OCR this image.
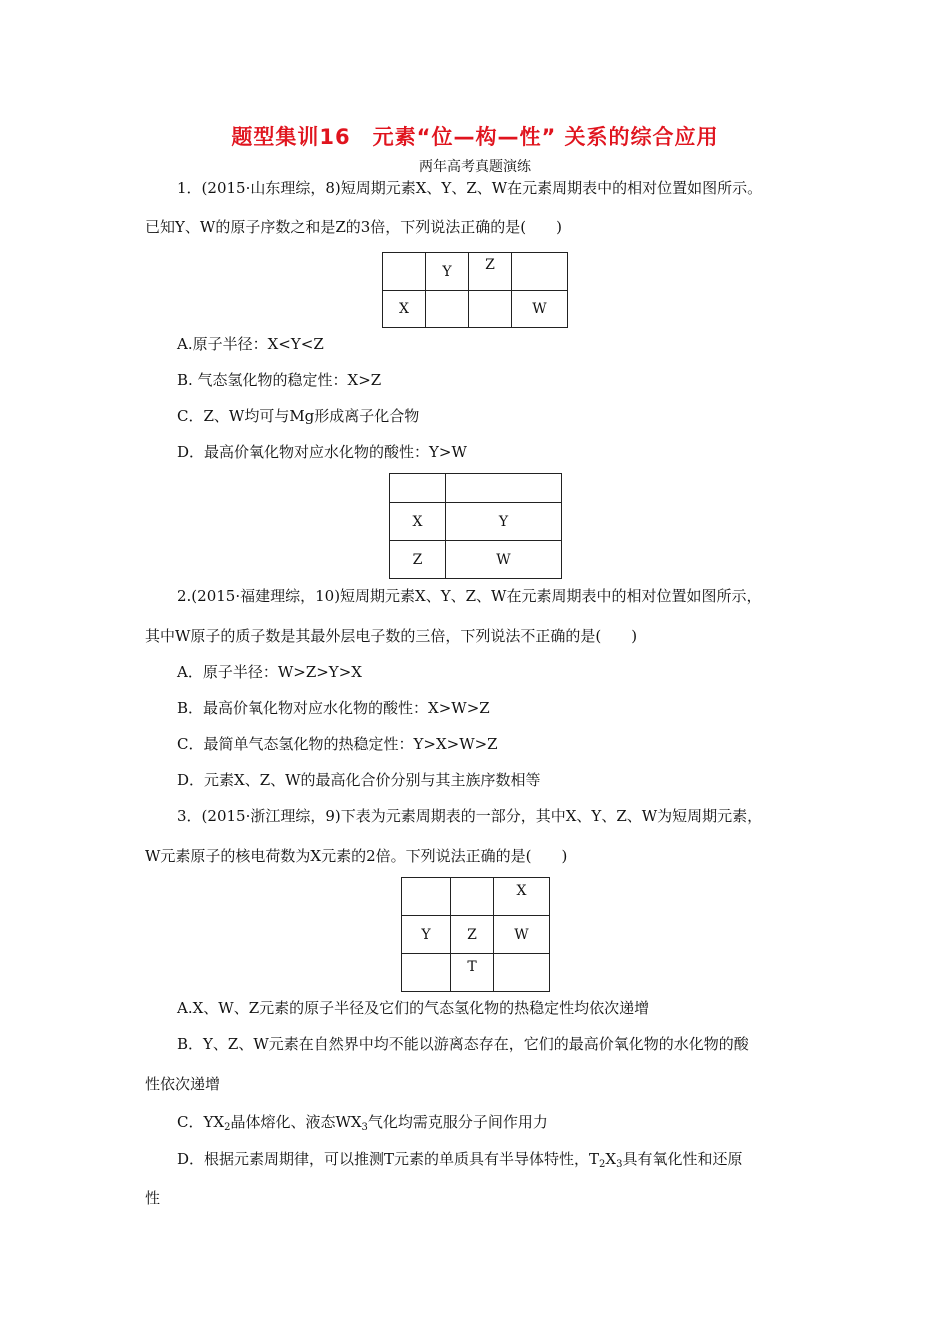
题型集训16　元素“位—构—性” 关系的综合应用
两年高考真题演练
1．(2015·山东理综，8)短周期元素X、Y、Z、W在元素周期表中的相对位置如图所示。
已知Y、W的原子序数之和是Z的3倍，下列说法正确的是(　　)
	Y	Z	
X			W
A.原子半径：X<Y<Z
B. 气态氢化物的稳定性：X>Z
C．Z、W均可与Mg形成离子化合物
D．最高价氧化物对应水化物的酸性：Y>W

X	Y
Z	W
2.(2015·福建理综，10)短周期元素X、Y、Z、W在元素周期表中的相对位置如图所示，
其中W原子的质子数是其最外层电子数的三倍，下列说法不正确的是(　　)
A．原子半径：W>Z>Y>X
B．最高价氧化物对应水化物的酸性：X>W>Z
C．最简单气态氢化物的热稳定性：Y>X>W>Z
D．元素X、Z、W的最高化合价分别与其主族序数相等
3．(2015·浙江理综，9)下表为元素周期表的一部分，其中X、Y、Z、W为短周期元素，
W元素原子的核电荷数为X元素的2倍。下列说法正确的是(　　)
		X
Y	Z	W
	T	
A.X、W、Z元素的原子半径及它们的气态氢化物的热稳定性均依次递增
B．Y、Z、W元素在自然界中均不能以游离态存在，它们的最高价氧化物的水化物的酸
性依次递增
C．$YX_2$晶体熔化、液态$WX_3$气化均需克服分子间作用力
D．根据元素周期律，可以推测T元素的单质具有半导体特性，$T_2X_3$具有氧化性和还原
性
